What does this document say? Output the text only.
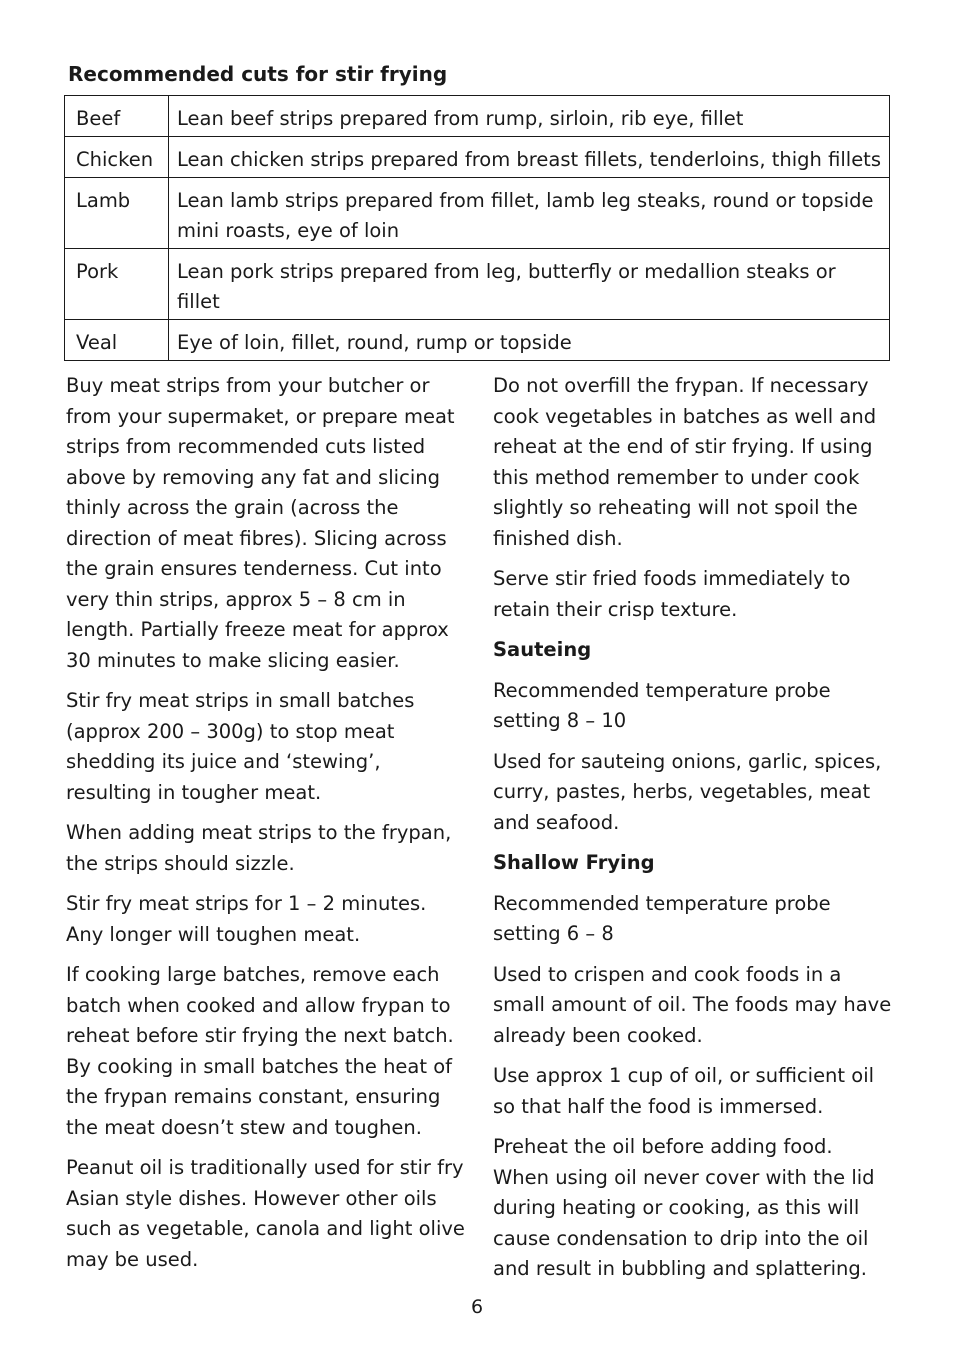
Recommended cuts for stir frying
Beef	Lean beef strips prepared from rump, sirloin, rib eye, fillet
Chicken	Lean chicken strips prepared from breast fillets, tenderloins, thigh fillets
Lamb	Lean lamb strips prepared from fillet, lamb leg steaks, round or topside mini roasts, eye of loin
Pork	Lean pork strips prepared from leg, butterfly or medallion steaks or fillet
Veal	Eye of loin, fillet, round, rump or topside

Buy meat strips from your butcher or from your supermaket, or prepare meat strips from recommended cuts listed above by removing any fat and slicing thinly across the grain (across the direction of meat fibres). Slicing across the grain ensures tenderness. Cut into very thin strips, approx 5 – 8 cm in length. Partially freeze meat for approx 30 minutes to make slicing easier.

Stir fry meat strips in small batches (approx 200 – 300g) to stop meat shedding its juice and ‘stewing’, resulting in tougher meat.

When adding meat strips to the frypan, the strips should sizzle.

Stir fry meat strips for 1 – 2 minutes. Any longer will toughen meat.

If cooking large batches, remove each batch when cooked and allow frypan to reheat before stir frying the next batch. By cooking in small batches the heat of the frypan remains constant, ensuring the meat doesn’t stew and toughen.

Peanut oil is traditionally used for stir fry Asian style dishes. However other oils such as vegetable, canola and light olive may be used.

Do not overfill the frypan. If necessary cook vegetables in batches as well and reheat at the end of stir frying. If using this method remember to under cook slightly so reheating will not spoil the finished dish.

Serve stir fried foods immediately to retain their crisp texture.

Sauteing

Recommended temperature probe setting 8 – 10

Used for sauteing onions, garlic, spices, curry, pastes, herbs, vegetables, meat and seafood.

Shallow Frying

Recommended temperature probe setting 6 – 8

Used to crispen and cook foods in a small amount of oil. The foods may have already been cooked.

Use approx 1 cup of oil, or sufficient oil so that half the food is immersed.

Preheat the oil before adding food. When using oil never cover with the lid during heating or cooking, as this will cause condensation to drip into the oil and result in bubbling and splattering.

6
